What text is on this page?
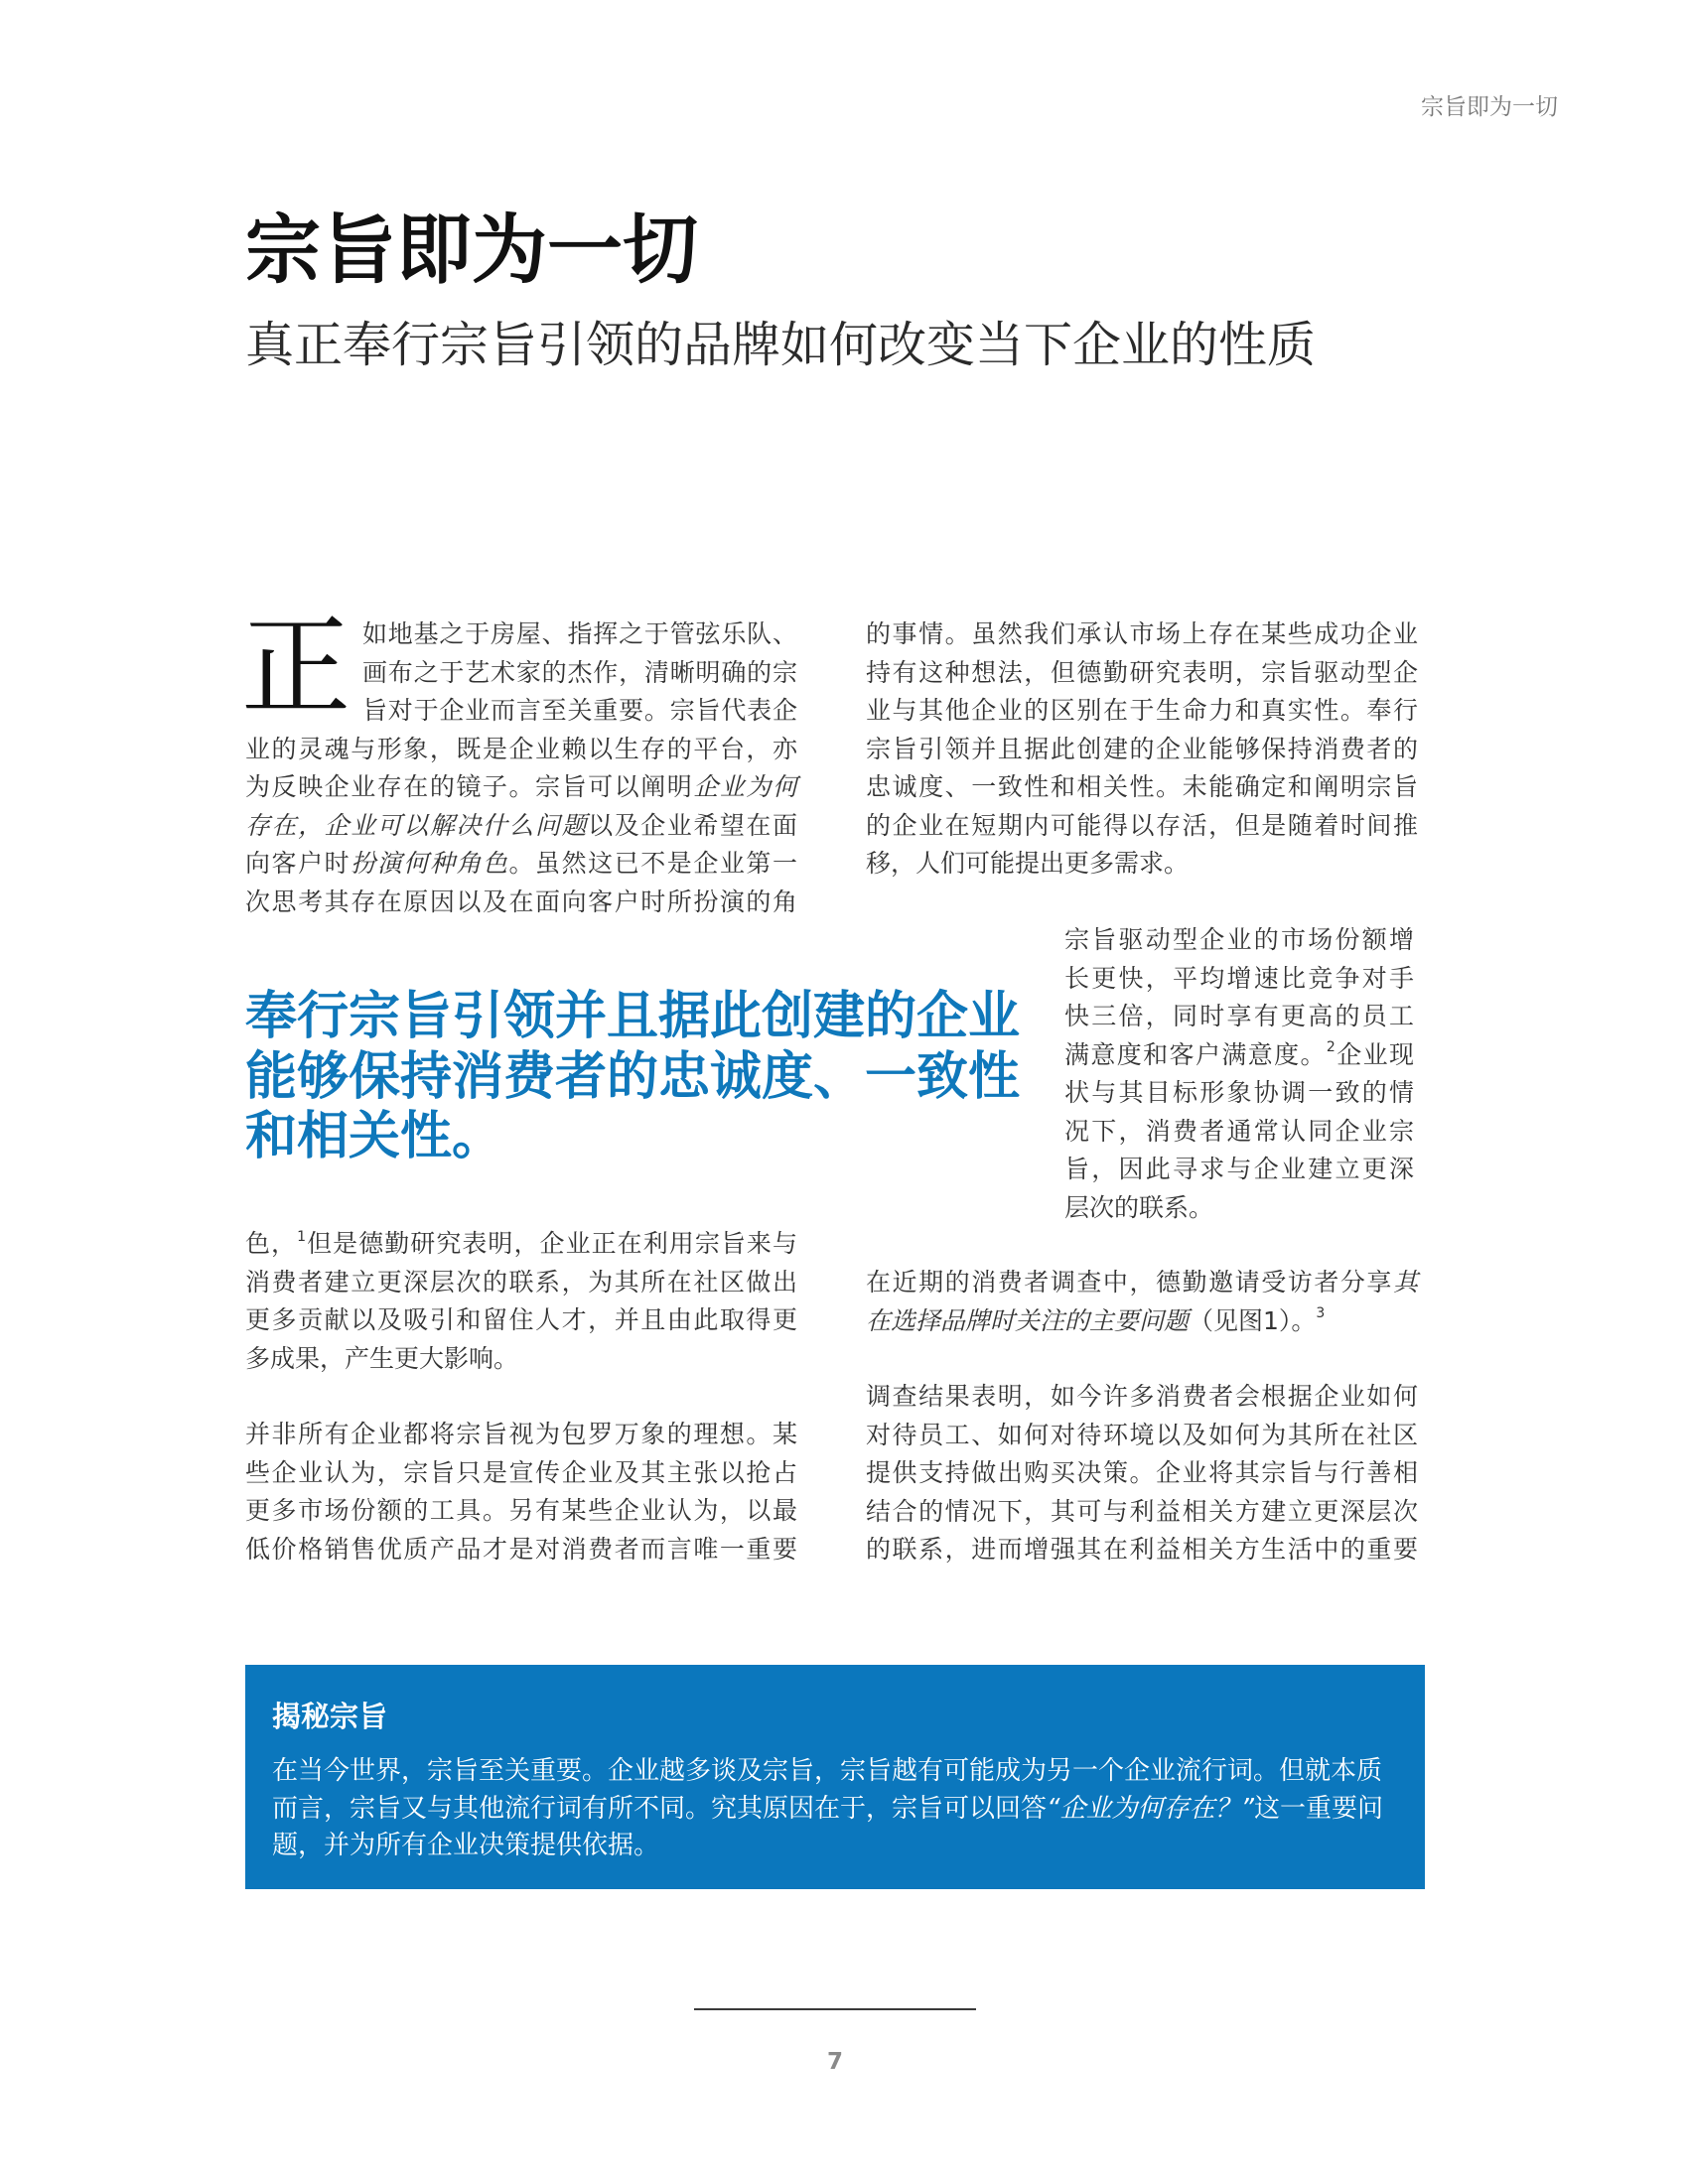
宗旨即为一切
宗旨即为一切
真正奉行宗旨引领的品牌如何改变当下企业的性质
正 如地基之于房屋、指挥之于管弦乐队、
画布之于艺术家的杰作，清晰明确的宗
旨对于企业而言至关重要。宗旨代表企
业的灵魂与形象，既是企业赖以生存的平台，亦
为反映企业存在的镜子。宗旨可以阐明企业为何
存在，企业可以解决什么问题以及企业希望在面
向客户时扮演何种角色。虽然这已不是企业第一
次思考其存在原因以及在面向客户时所扮演的角
奉行宗旨引领并且据此创建的企业
能够保持消费者的忠诚度、一致性
和相关性。
色，$^1$但是德勤研究表明，企业正在利用宗旨来与
消费者建立更深层次的联系，为其所在社区做出
更多贡献以及吸引和留住人才，并且由此取得更
多成果，产生更大影响。
并非所有企业都将宗旨视为包罗万象的理想。某
些企业认为，宗旨只是宣传企业及其主张以抢占
更多市场份额的工具。另有某些企业认为，以最
低价格销售优质产品才是对消费者而言唯一重要
的事情。虽然我们承认市场上存在某些成功企业
持有这种想法，但德勤研究表明，宗旨驱动型企
业与其他企业的区别在于生命力和真实性。奉行
宗旨引领并且据此创建的企业能够保持消费者的
忠诚度、一致性和相关性。未能确定和阐明宗旨
的企业在短期内可能得以存活，但是随着时间推
移，人们可能提出更多需求。
宗旨驱动型企业的市场份额增
长更快，平均增速比竞争对手
快三倍，同时享有更高的员工
满意度和客户满意度。$^2$企业现
状与其目标形象协调一致的情
况下，消费者通常认同企业宗
旨，因此寻求与企业建立更深
层次的联系。
在近期的消费者调查中，德勤邀请受访者分享其
在选择品牌时关注的主要问题（见图1）。$^3$
调查结果表明，如今许多消费者会根据企业如何
对待员工、如何对待环境以及如何为其所在社区
提供支持做出购买决策。企业将其宗旨与行善相
结合的情况下，其可与利益相关方建立更深层次
的联系，进而增强其在利益相关方生活中的重要
揭秘宗旨
在当今世界，宗旨至关重要。企业越多谈及宗旨，宗旨越有可能成为另一个企业流行词。但就本质
而言，宗旨又与其他流行词有所不同。究其原因在于，宗旨可以回答“企业为何存在？”这一重要问
题，并为所有企业决策提供依据。
7
